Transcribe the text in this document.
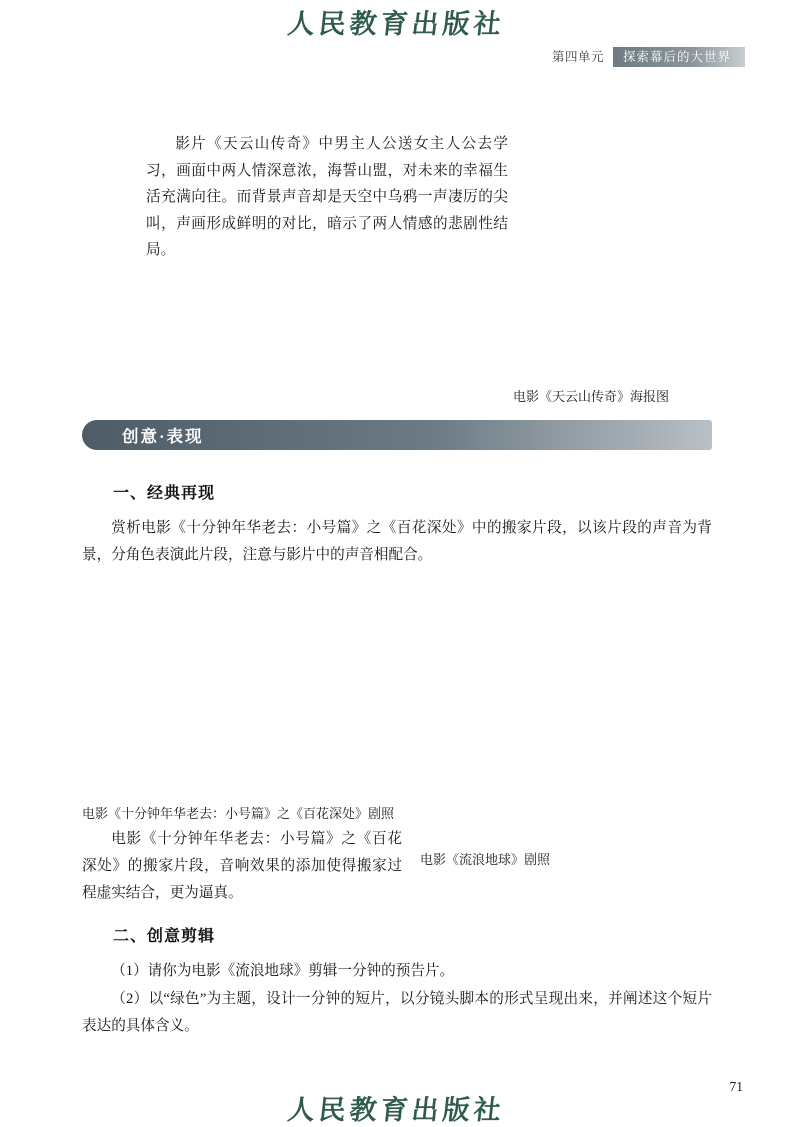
人民教育出版社
第四单元	探索幕后的大世界
影片《天云山传奇》中男主人公送女主人公去学习，画面中两人情深意浓，海誓山盟，对未来的幸福生活充满向往。而背景声音却是天空中乌鸦一声凄厉的尖叫，声画形成鲜明的对比，暗示了两人情感的悲剧性结局。
电影《天云山传奇》海报图
创意·表现
一、经典再现
赏析电影《十分钟年华老去：小号篇》之《百花深处》中的搬家片段，以该片段的声音为背景，分角色表演此片段，注意与影片中的声音相配合。
电影《十分钟年华老去：小号篇》之《百花深处》剧照
电影《十分钟年华老去：小号篇》之《百花深处》的搬家片段，音响效果的添加使得搬家过程虚实结合，更为逼真。
电影《流浪地球》剧照
二、创意剪辑
（1）请你为电影《流浪地球》剪辑一分钟的预告片。
（2）以“绿色”为主题，设计一分钟的短片，以分镜头脚本的形式呈现出来，并阐述这个短片表达的具体含义。
71
人民教育出版社
